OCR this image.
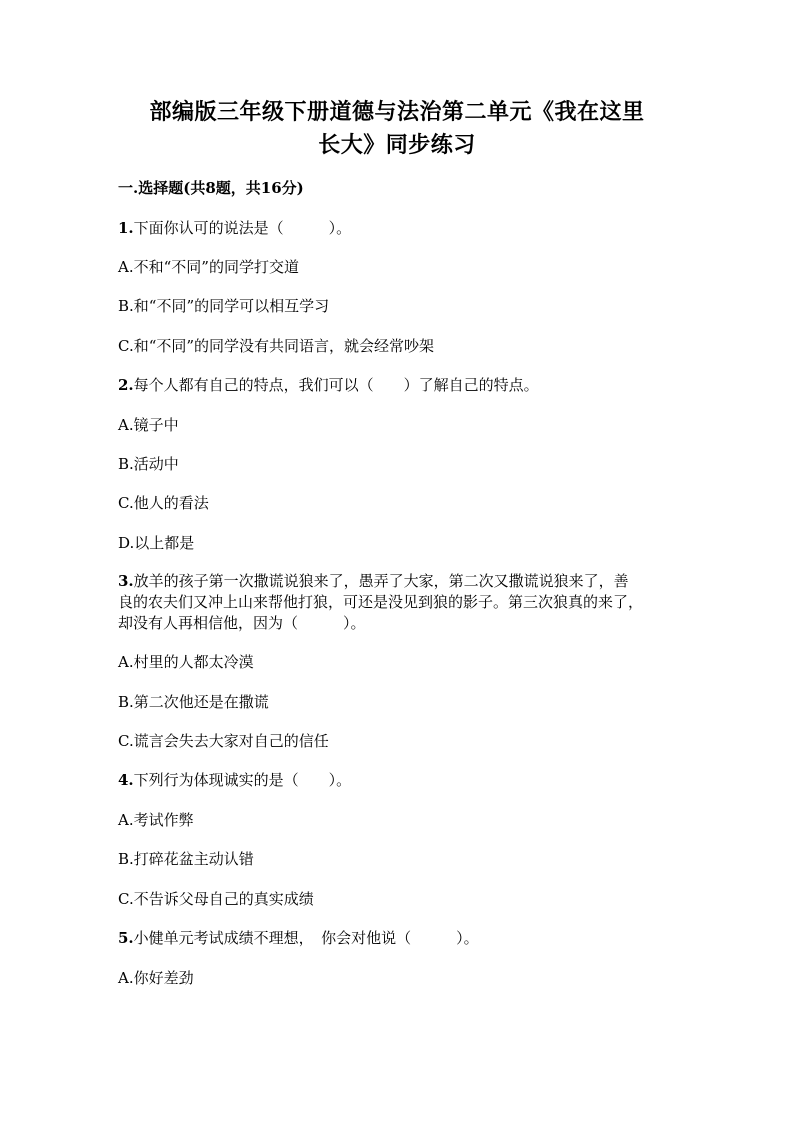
部编版三年级下册道德与法治第二单元《我在这里
长大》同步练习
一.选择题(共8题，共16分)
1.下面你认可的说法是（　　　）。
A.不和“不同”的同学打交道
B.和“不同”的同学可以相互学习
C.和“不同”的同学没有共同语言，就会经常吵架
2.每个人都有自己的特点，我们可以（　　）了解自己的特点。
A.镜子中
B.活动中
C.他人的看法
D.以上都是
3.放羊的孩子第一次撒谎说狼来了，愚弄了大家，第二次又撒谎说狼来了，善
良的农夫们又冲上山来帮他打狼，可还是没见到狼的影子。第三次狼真的来了，
却没有人再相信他，因为（　　　）。
A.村里的人都太冷漠
B.第二次他还是在撒谎
C.谎言会失去大家对自己的信任
4.下列行为体现诚实的是（　　）。
A.考试作弊
B.打碎花盆主动认错
C.不告诉父母自己的真实成绩
5.小健单元考试成绩不理想，　你会对他说（　　　）。
A.你好差劲
